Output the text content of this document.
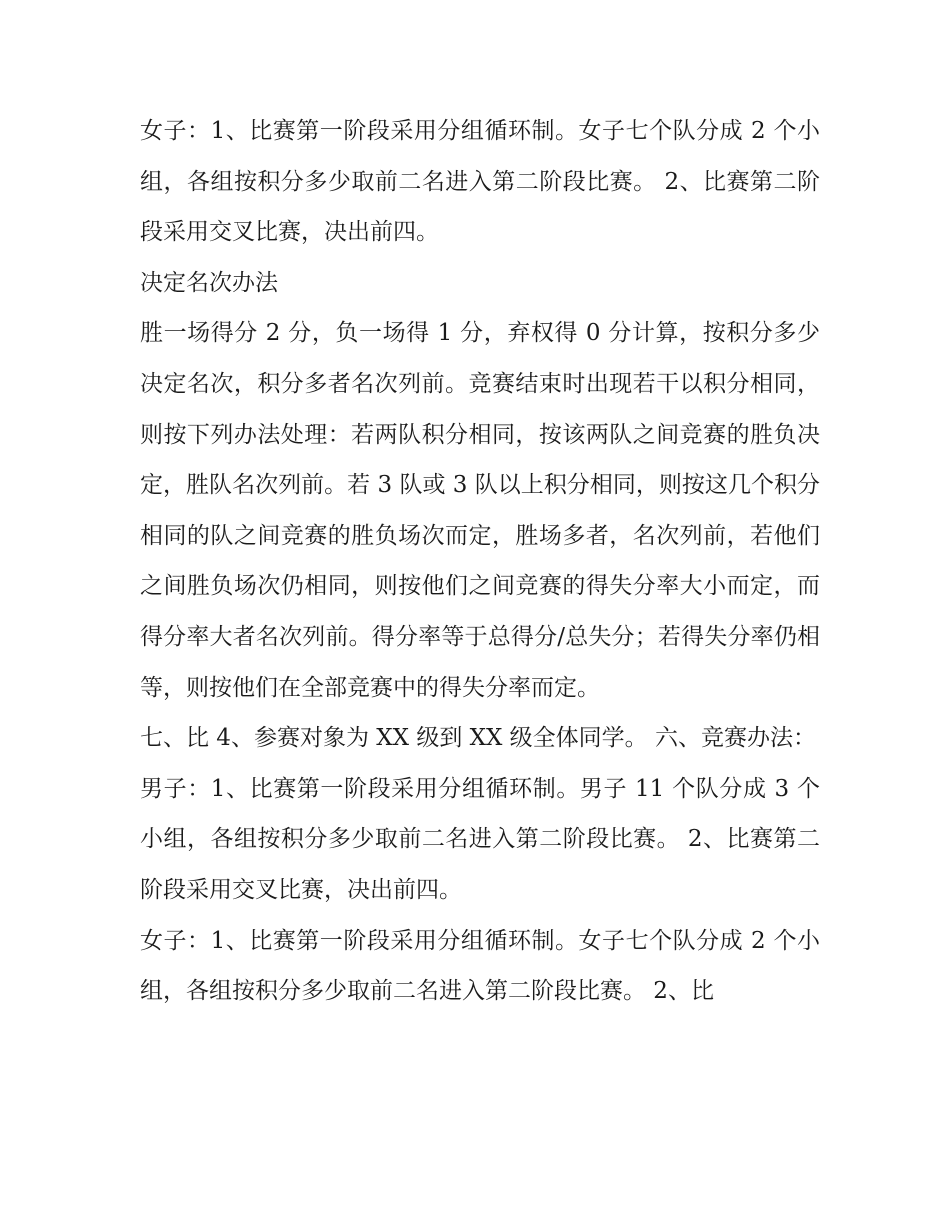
女子：1、比赛第一阶段采用分组循环制。女子七个队分成 2 个小组，各组按积分多少取前二名进入第二阶段比赛。 2、比赛第二阶段采用交叉比赛，决出前四。

决定名次办法

胜一场得分 2 分，负一场得 1 分，弃权得 0 分计算，按积分多少决定名次，积分多者名次列前。竞赛结束时出现若干以积分相同，则按下列办法处理：若两队积分相同，按该两队之间竞赛的胜负决定，胜队名次列前。若 3 队或 3 队以上积分相同，则按这几个积分相同的队之间竞赛的胜负场次而定，胜场多者，名次列前，若他们之间胜负场次仍相同，则按他们之间竞赛的得失分率大小而定，而得分率大者名次列前。得分率等于总得分/总失分；若得失分率仍相等，则按他们在全部竞赛中的得失分率而定。

七、比 4、参赛对象为 XX 级到 XX 级全体同学。 六、竞赛办法：

男子：1、比赛第一阶段采用分组循环制。男子 11 个队分成 3 个小组，各组按积分多少取前二名进入第二阶段比赛。 2、比赛第二阶段采用交叉比赛，决出前四。

女子：1、比赛第一阶段采用分组循环制。女子七个队分成 2 个小组，各组按积分多少取前二名进入第二阶段比赛。 2、比
